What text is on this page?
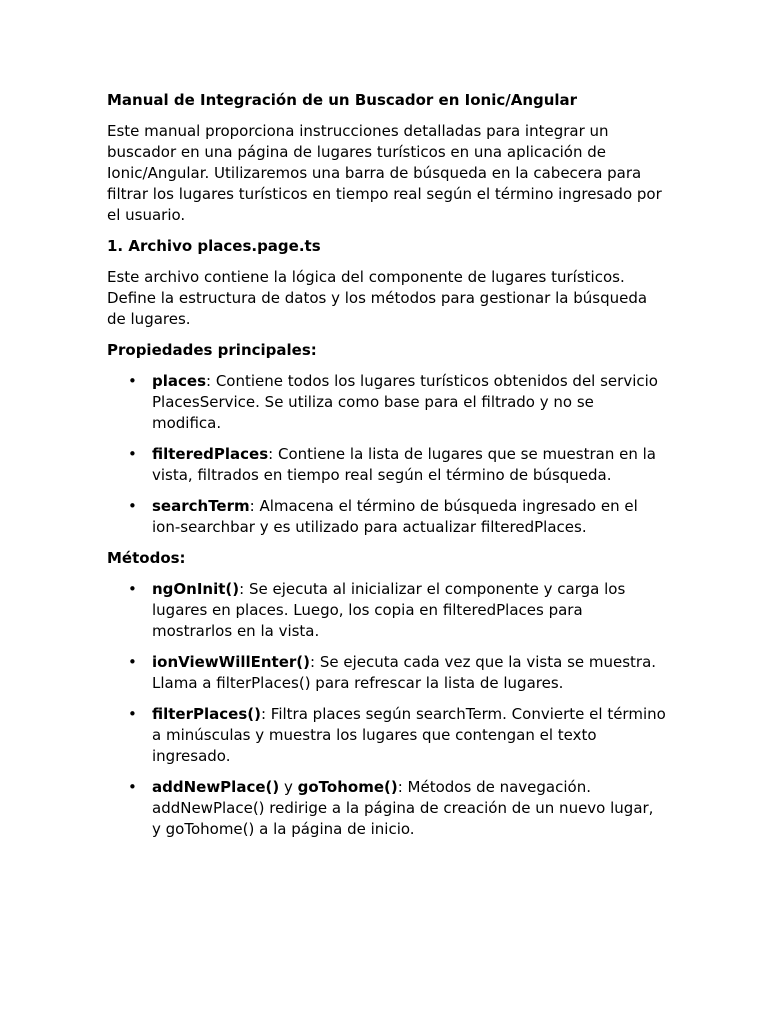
Manual de Integración de un Buscador en Ionic/Angular

Este manual proporciona instrucciones detalladas para integrar un buscador en una página de lugares turísticos en una aplicación de Ionic/Angular. Utilizaremos una barra de búsqueda en la cabecera para filtrar los lugares turísticos en tiempo real según el término ingresado por el usuario.

1. Archivo places.page.ts

Este archivo contiene la lógica del componente de lugares turísticos. Define la estructura de datos y los métodos para gestionar la búsqueda de lugares.

Propiedades principales:

• places: Contiene todos los lugares turísticos obtenidos del servicio PlacesService. Se utiliza como base para el filtrado y no se modifica.
• filteredPlaces: Contiene la lista de lugares que se muestran en la vista, filtrados en tiempo real según el término de búsqueda.
• searchTerm: Almacena el término de búsqueda ingresado en el ion-searchbar y es utilizado para actualizar filteredPlaces.

Métodos:

• ngOnInit(): Se ejecuta al inicializar el componente y carga los lugares en places. Luego, los copia en filteredPlaces para mostrarlos en la vista.
• ionViewWillEnter(): Se ejecuta cada vez que la vista se muestra. Llama a filterPlaces() para refrescar la lista de lugares.
• filterPlaces(): Filtra places según searchTerm. Convierte el término a minúsculas y muestra los lugares que contengan el texto ingresado.
• addNewPlace() y goTohome(): Métodos de navegación. addNewPlace() redirige a la página de creación de un nuevo lugar, y goTohome() a la página de inicio.
